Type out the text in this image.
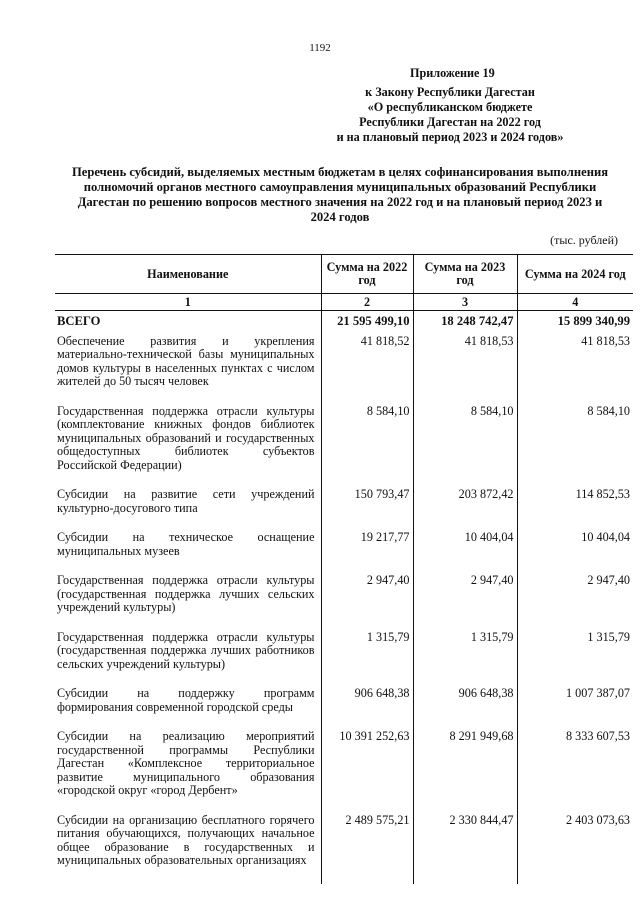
1192
Приложение 19
к Закону Республики Дагестан
«О республиканском бюджете
Республики Дагестан на 2022 год
и на плановый период 2023 и 2024 годов»
Перечень субсидий, выделяемых местным бюджетам в целях софинансирования выполнения полномочий органов местного самоуправления муниципальных образований Республики Дагестан по решению вопросов местного значения на 2022 год и на плановый период 2023 и 2024 годов
(тыс. рублей)
Наименование	Сумма на 2022 год	Сумма на 2023 год	Сумма на 2024 год
1	2	3	4
ВСЕГО	21 595 499,10	18 248 742,47	15 899 340,99
Обеспечение развития и укрепления материально-технической базы муниципальных домов культуры в населенных пунктах с числом жителей до 50 тысяч человек	41 818,52	41 818,53	41 818,53
Государственная поддержка отрасли культуры (комплектование книжных фондов библиотек муниципальных образований и государственных общедоступных библиотек субъектов Российской Федерации)	8 584,10	8 584,10	8 584,10
Субсидии на развитие сети учреждений культурно-досугового типа	150 793,47	203 872,42	114 852,53
Субсидии на техническое оснащение муниципальных музеев	19 217,77	10 404,04	10 404,04
Государственная поддержка отрасли культуры (государственная поддержка лучших сельских учреждений культуры)	2 947,40	2 947,40	2 947,40
Государственная поддержка отрасли культуры (государственная поддержка лучших работников сельских учреждений культуры)	1 315,79	1 315,79	1 315,79
Субсидии на поддержку программ формирования современной городской среды	906 648,38	906 648,38	1 007 387,07
Субсидии на реализацию мероприятий государственной программы Республики Дагестан «Комплексное территориальное развитие муниципального образования «городской округ «город Дербент»	10 391 252,63	8 291 949,68	8 333 607,53
Субсидии на организацию бесплатного горячего питания обучающихся, получающих начальное общее образование в государственных и муниципальных образовательных организациях	2 489 575,21	2 330 844,47	2 403 073,63
